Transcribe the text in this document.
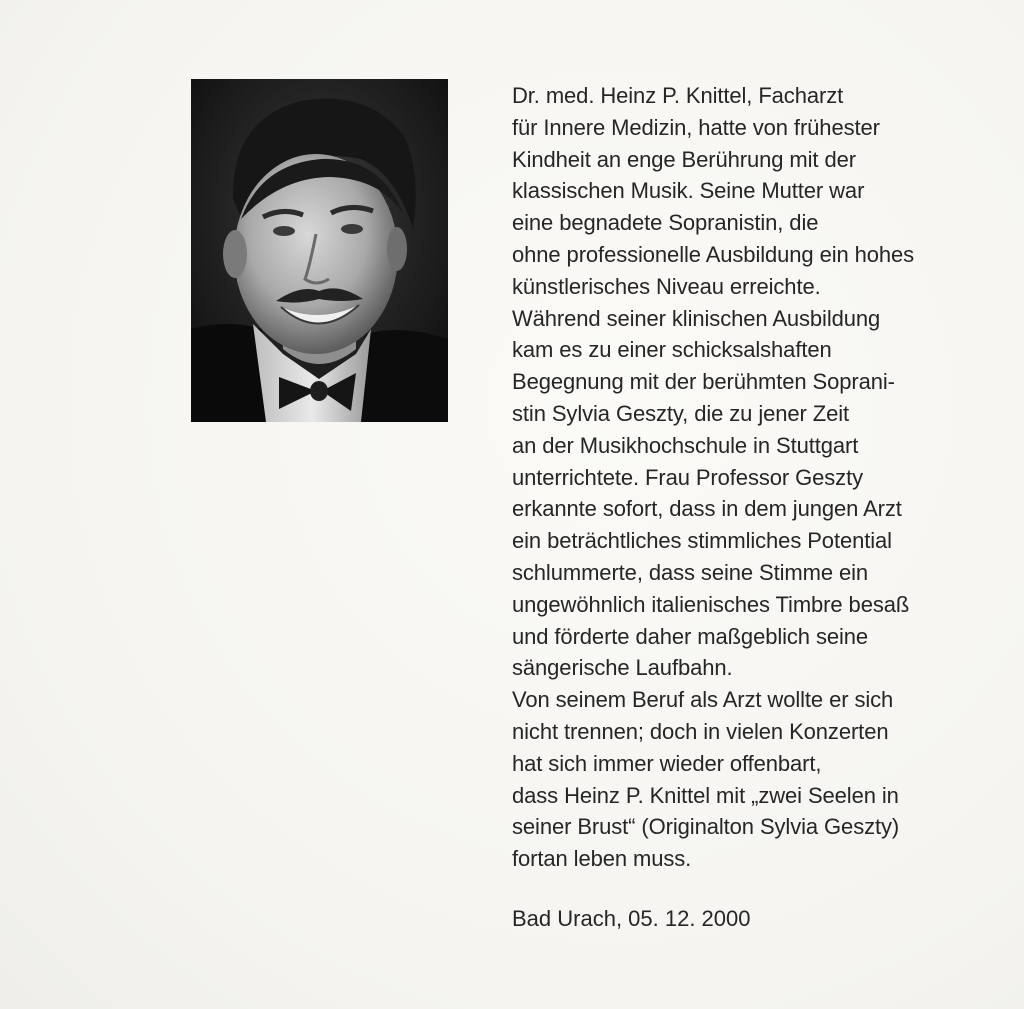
Dr. med. Heinz P. Knittel, Facharzt
für Innere Medizin, hatte von frühester
Kindheit an enge Berührung mit der
klassischen Musik. Seine Mutter war
eine begnadete Sopranistin, die
ohne professionelle Ausbildung ein hohes
künstlerisches Niveau erreichte.
Während seiner klinischen Ausbildung
kam es zu einer schicksalshaften
Begegnung mit der berühmten Soprani-
stin Sylvia Geszty, die zu jener Zeit
an der Musikhochschule in Stuttgart
unterrichtete. Frau Professor Geszty
erkannte sofort, dass in dem jungen Arzt
ein beträchtliches stimmliches Potential
schlummerte, dass seine Stimme ein
ungewöhnlich italienisches Timbre besaß
und förderte daher maßgeblich seine
sängerische Laufbahn.
Von seinem Beruf als Arzt wollte er sich
nicht trennen; doch in vielen Konzerten
hat sich immer wieder offenbart,
dass Heinz P. Knittel mit „zwei Seelen in
seiner Brust“ (Originalton Sylvia Geszty)
fortan leben muss.
Bad Urach, 05. 12. 2000
